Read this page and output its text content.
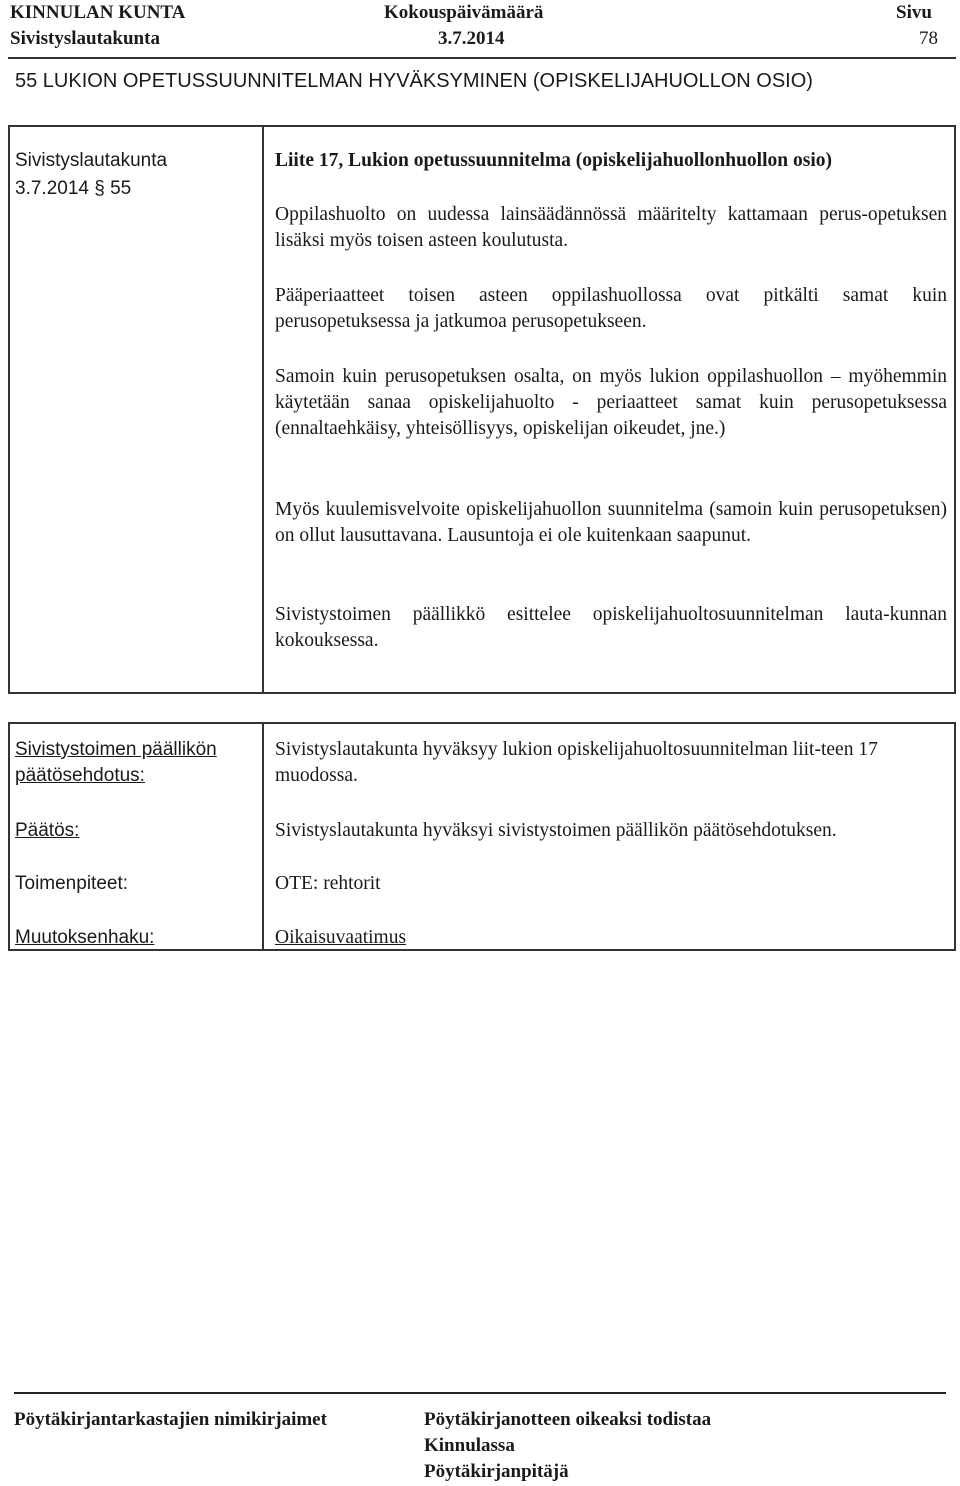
KINNULAN KUNTA	Kokouspäivämäärä	Sivu
Sivistyslautakunta	3.7.2014	78
55 LUKION OPETUSSUUNNITELMAN HYVÄKSYMINEN (OPISKELIJAHUOLLON OSIO)
Sivistyslautakunta
3.7.2014 § 55
Liite 17, Lukion opetussuunnitelma (opiskelijahuollonhuollon osio)
Oppilashuolto on uudessa lainsäädännössä määritelty kattamaan perus-opetuksen lisäksi myös toisen asteen koulutusta.
Pääperiaatteet toisen asteen oppilashuollossa ovat pitkälti samat kuin perusopetuksessa ja jatkumoa perusopetukseen.
Samoin kuin perusopetuksen osalta, on myös lukion oppilashuollon – myöhemmin käytetään sanaa opiskelijahuolto - periaatteet samat kuin perusopetuksessa (ennaltaehkäisy, yhteisöllisyys, opiskelijan oikeudet, jne.)
Myös kuulemisvelvoite opiskelijahuollon suunnitelma (samoin kuin perusopetuksen) on ollut lausuttavana. Lausuntoja ei ole kuitenkaan saapunut.
Sivistystoimen päällikkö esittelee opiskelijahuoltosuunnitelman lauta-kunnan kokouksessa.
Sivistystoimen päällikön päätösehdotus:
Sivistyslautakunta hyväksyy lukion opiskelijahuoltosuunnitelman liit-teen 17 muodossa.
Päätös:	Sivistyslautakunta hyväksyi sivistystoimen päällikön päätösehdotuksen.
Toimenpiteet:	OTE: rehtorit
Muutoksenhaku:	Oikaisuvaatimus
Pöytäkirjantarkastajien nimikirjaimet	Pöytäkirjanotteen oikeaksi todistaa
Kinnulassa
Pöytäkirjanpitäjä
